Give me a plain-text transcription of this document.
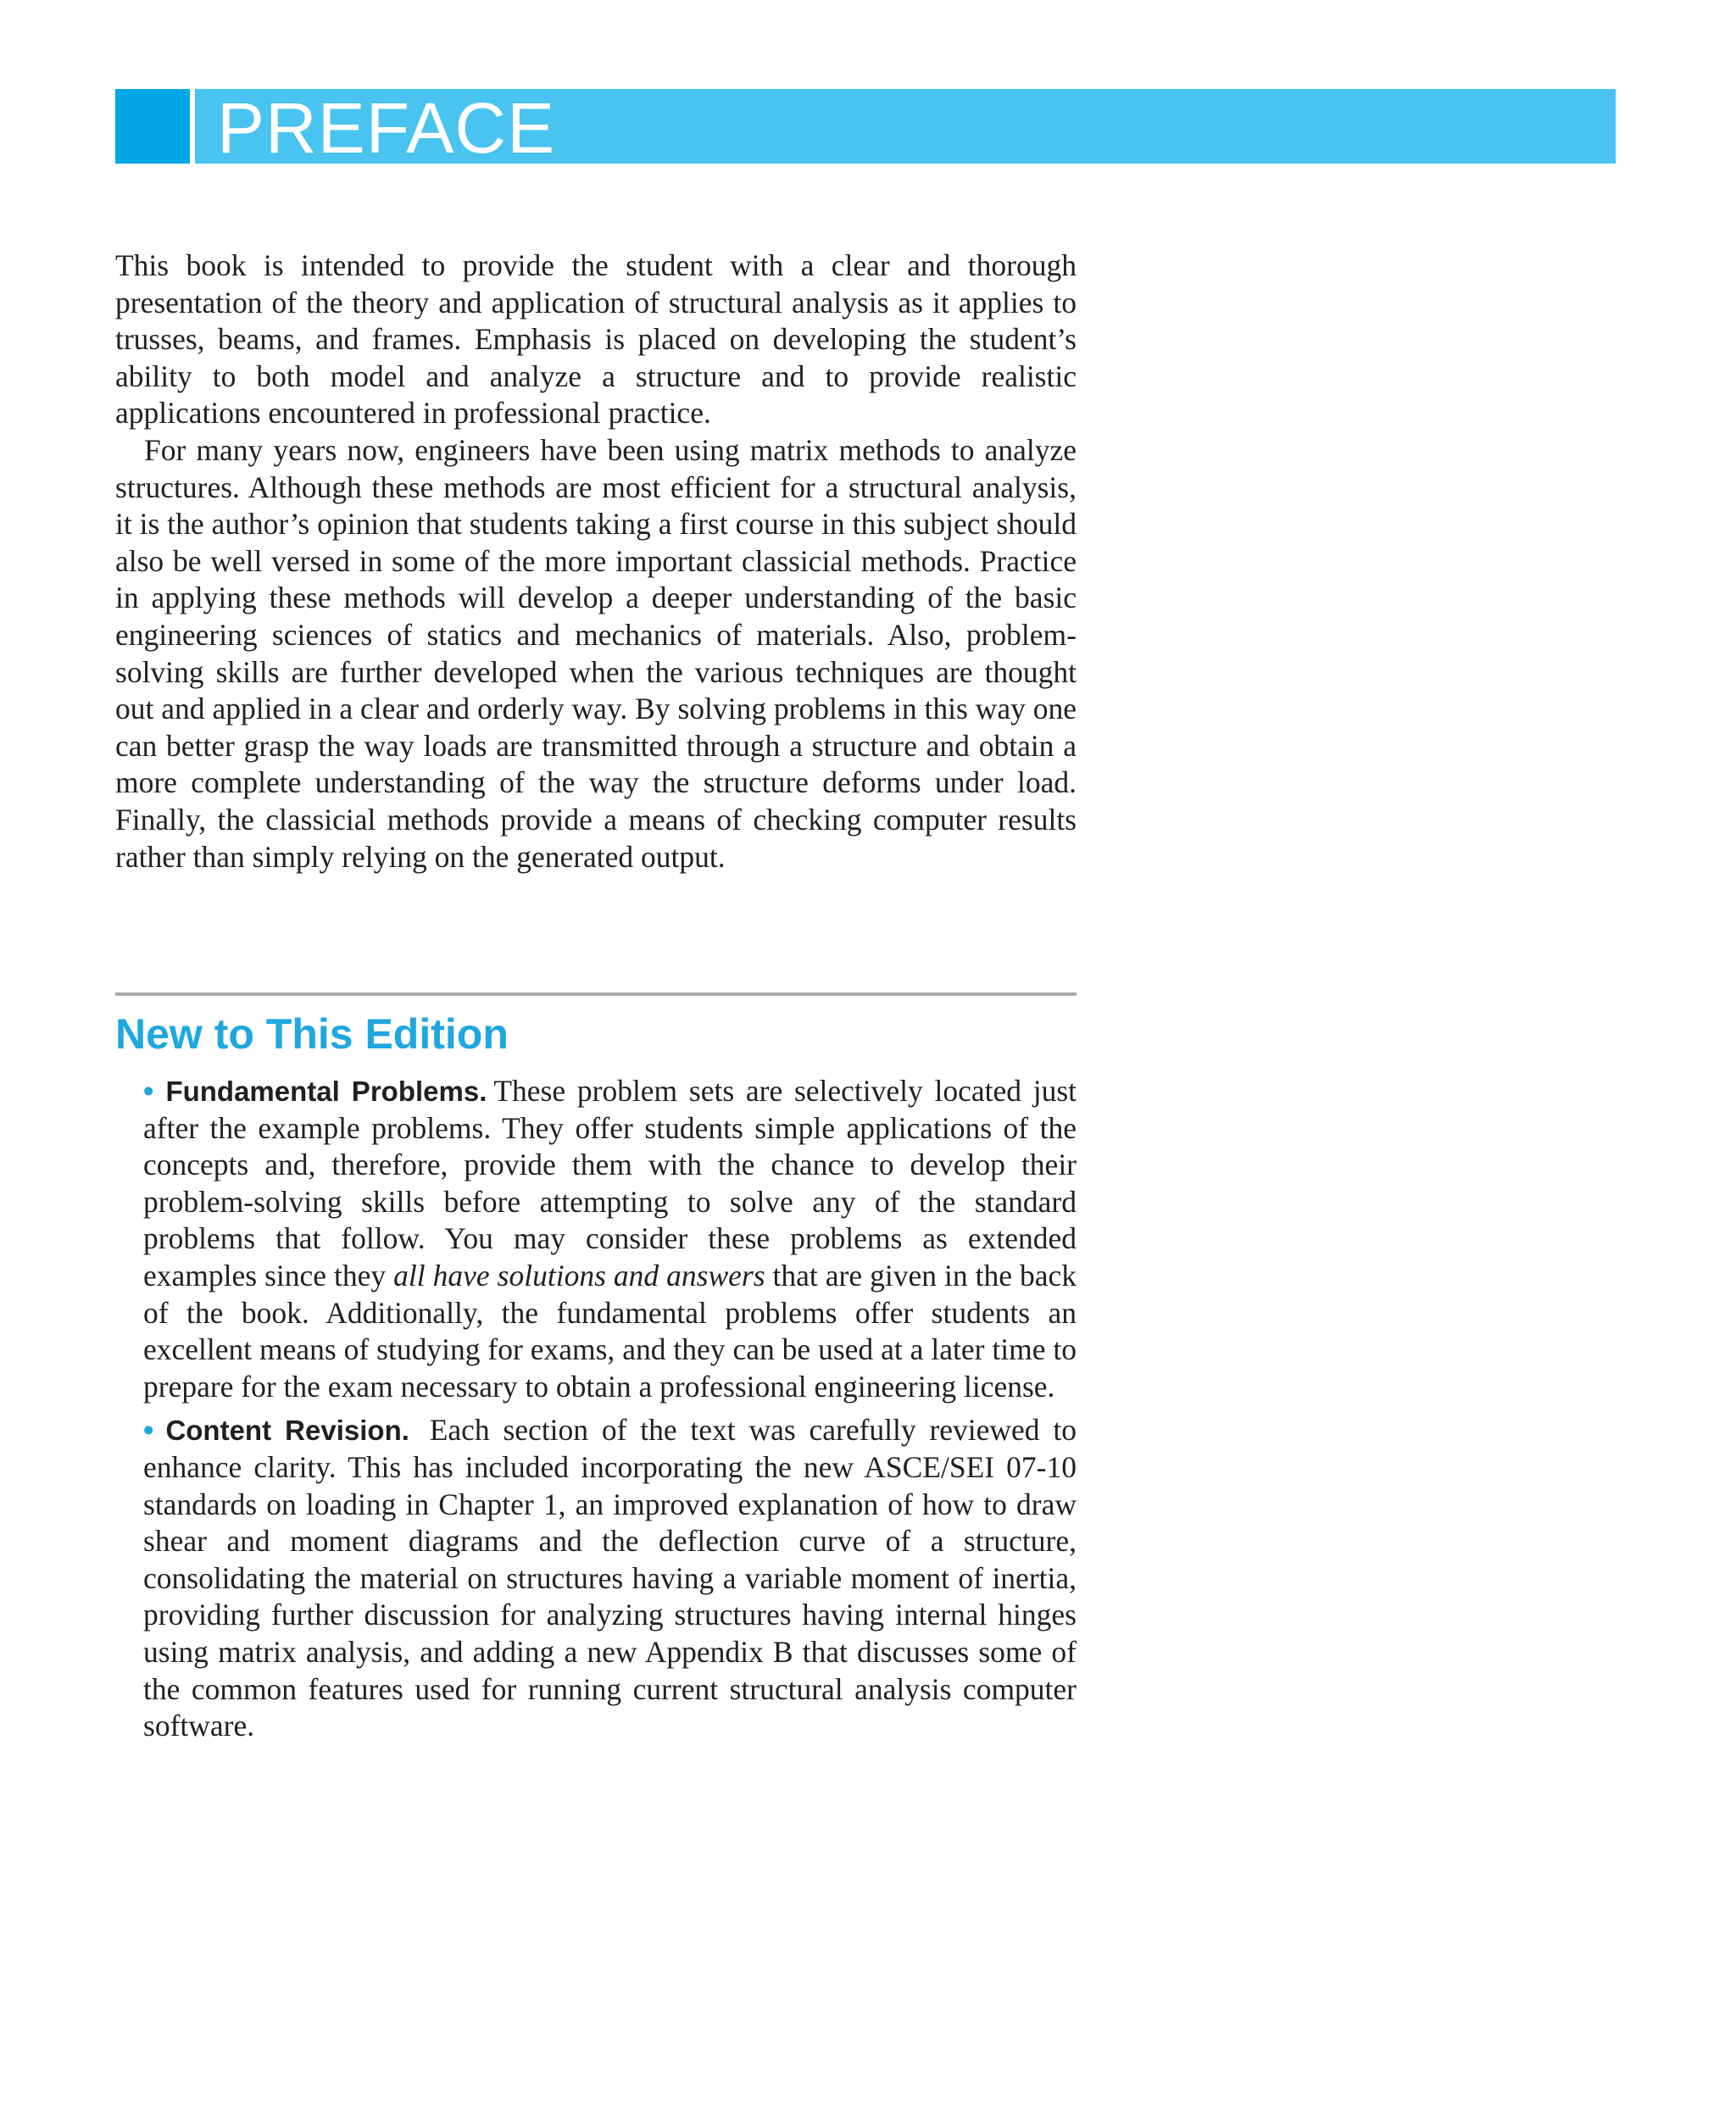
PREFACE

This book is intended to provide the student with a clear and thorough presentation of the theory and application of structural analysis as it applies to trusses, beams, and frames. Emphasis is placed on developing the student’s ability to both model and analyze a structure and to provide realistic applications encountered in professional practice.

For many years now, engineers have been using matrix methods to analyze structures. Although these methods are most efficient for a structural analysis, it is the author’s opinion that students taking a first course in this subject should also be well versed in some of the more important classicial methods. Practice in applying these methods will develop a deeper understanding of the basic engineering sciences of statics and mechanics of materials. Also, problem-solving skills are further developed when the various techniques are thought out and applied in a clear and orderly way. By solving problems in this way one can better grasp the way loads are transmitted through a structure and obtain a more complete understanding of the way the structure deforms under load. Finally, the classicial methods provide a means of checking computer results rather than simply relying on the generated output.

New to This Edition

• Fundamental Problems. These problem sets are selectively located just after the example problems. They offer students simple applications of the concepts and, therefore, provide them with the chance to develop their problem-solving skills before attempting to solve any of the standard problems that follow. You may consider these problems as extended examples since they all have solutions and answers that are given in the back of the book. Additionally, the fundamental problems offer students an excellent means of studying for exams, and they can be used at a later time to prepare for the exam necessary to obtain a professional engineering license.

• Content Revision. Each section of the text was carefully reviewed to enhance clarity. This has included incorporating the new ASCE/SEI 07-10 standards on loading in Chapter 1, an improved explanation of how to draw shear and moment diagrams and the deflection curve of a structure, consolidating the material on structures having a variable moment of inertia, providing further discussion for analyzing structures having internal hinges using matrix analysis, and adding a new Appendix B that discusses some of the common features used for running current structural analysis computer software.
